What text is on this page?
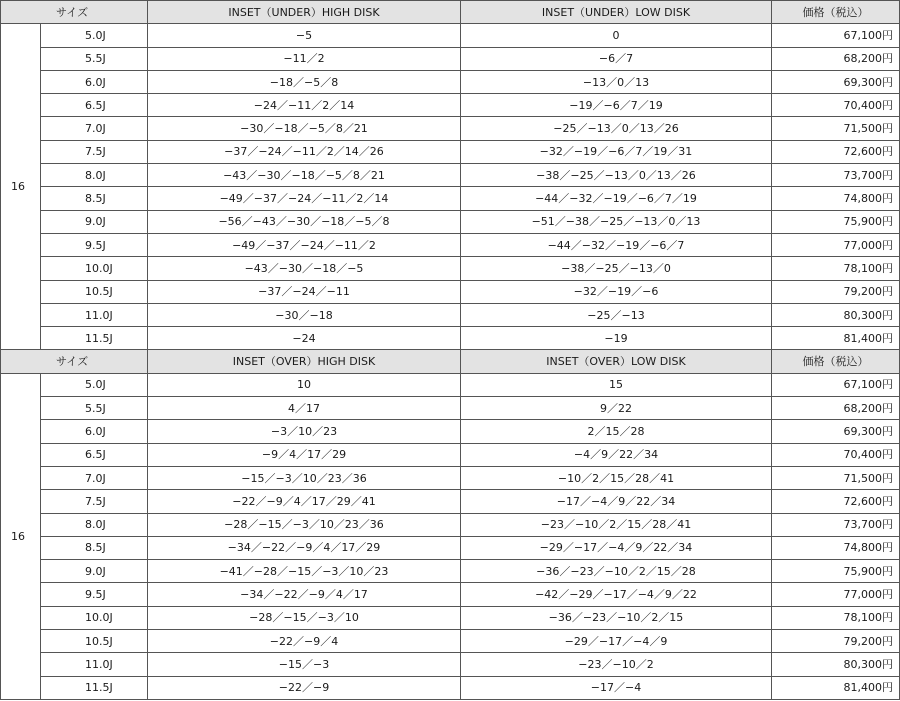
サイズ		INSET（UNDER）HIGH DISK	INSET（UNDER）LOW DISK	価格（税込）
16	5.0J	−5	0	67,100円
	5.5J	−11／2	−6／7	68,200円
	6.0J	−18／−5／8	−13／0／13	69,300円
	6.5J	−24／−11／2／14	−19／−6／7／19	70,400円
	7.0J	−30／−18／−5／8／21	−25／−13／0／13／26	71,500円
	7.5J	−37／−24／−11／2／14／26	−32／−19／−6／7／19／31	72,600円
	8.0J	−43／−30／−18／−5／8／21	−38／−25／−13／0／13／26	73,700円
	8.5J	−49／−37／−24／−11／2／14	−44／−32／−19／−6／7／19	74,800円
	9.0J	−56／−43／−30／−18／−5／8	−51／−38／−25／−13／0／13	75,900円
	9.5J	−49／−37／−24／−11／2	−44／−32／−19／−6／7	77,000円
	10.0J	−43／−30／−18／−5	−38／−25／−13／0	78,100円
	10.5J	−37／−24／−11	−32／−19／−6	79,200円
	11.0J	−30／−18	−25／−13	80,300円
	11.5J	−24	−19	81,400円
サイズ		INSET（OVER）HIGH DISK	INSET（OVER）LOW DISK	価格（税込）
16	5.0J	10	15	67,100円
	5.5J	4／17	9／22	68,200円
	6.0J	−3／10／23	2／15／28	69,300円
	6.5J	−9／4／17／29	−4／9／22／34	70,400円
	7.0J	−15／−3／10／23／36	−10／2／15／28／41	71,500円
	7.5J	−22／−9／4／17／29／41	−17／−4／9／22／34	72,600円
	8.0J	−28／−15／−3／10／23／36	−23／−10／2／15／28／41	73,700円
	8.5J	−34／−22／−9／4／17／29	−29／−17／−4／9／22／34	74,800円
	9.0J	−41／−28／−15／−3／10／23	−36／−23／−10／2／15／28	75,900円
	9.5J	−34／−22／−9／4／17	−42／−29／−17／−4／9／22	77,000円
	10.0J	−28／−15／−3／10	−36／−23／−10／2／15	78,100円
	10.5J	−22／−9／4	−29／−17／−4／9	79,200円
	11.0J	−15／−3	−23／−10／2	80,300円
	11.5J	−22／−9	−17／−4	81,400円
